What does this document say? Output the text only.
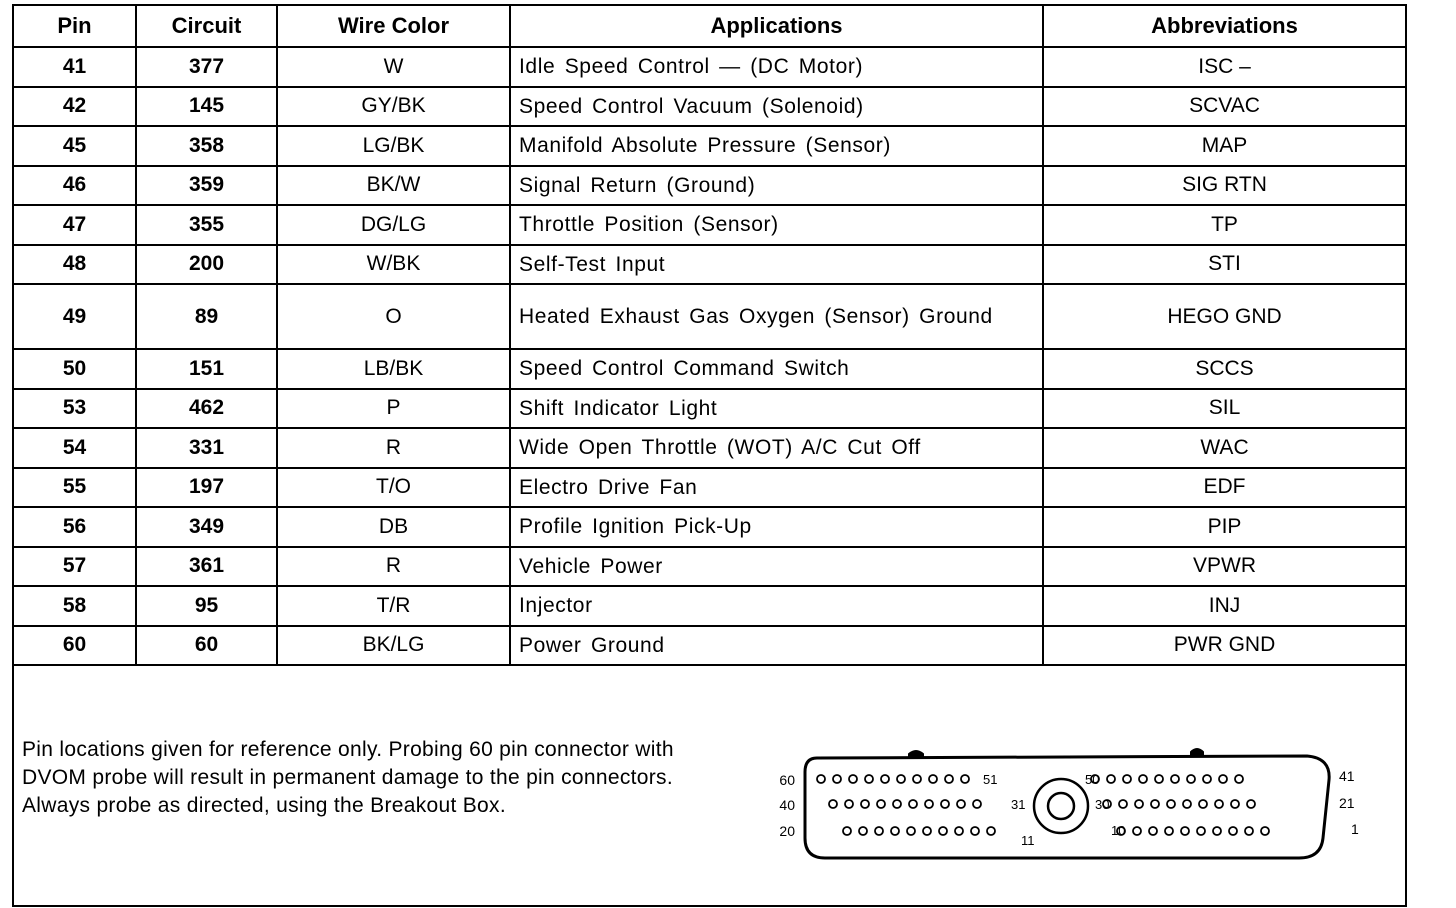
Pin	Circuit	Wire Color	Applications	Abbreviations
41	377	W	Idle Speed Control — (DC Motor)	ISC –
42	145	GY/BK	Speed Control Vacuum (Solenoid)	SCVAC
45	358	LG/BK	Manifold Absolute Pressure (Sensor)	MAP
46	359	BK/W	Signal Return (Ground)	SIG RTN
47	355	DG/LG	Throttle Position (Sensor)	TP
48	200	W/BK	Self-Test Input	STI
49	89	O	Heated Exhaust Gas Oxygen (Sensor) Ground	HEGO GND
50	151	LB/BK	Speed Control Command Switch	SCCS
53	462	P	Shift Indicator Light	SIL
54	331	R	Wide Open Throttle (WOT) A/C Cut Off	WAC
55	197	T/O	Electro Drive Fan	EDF
56	349	DB	Profile Ignition Pick-Up	PIP
57	361	R	Vehicle Power	VPWR
58	95	T/R	Injector	INJ
60	60	BK/LG	Power Ground	PWR GND
Pin locations given for reference only. Probing 60 pin connector with DVOM probe will result in permanent damage to the pin connectors. Always probe as directed, using the Breakout Box.
60
40
20
41
21
1
51
31
11
50
30
10
